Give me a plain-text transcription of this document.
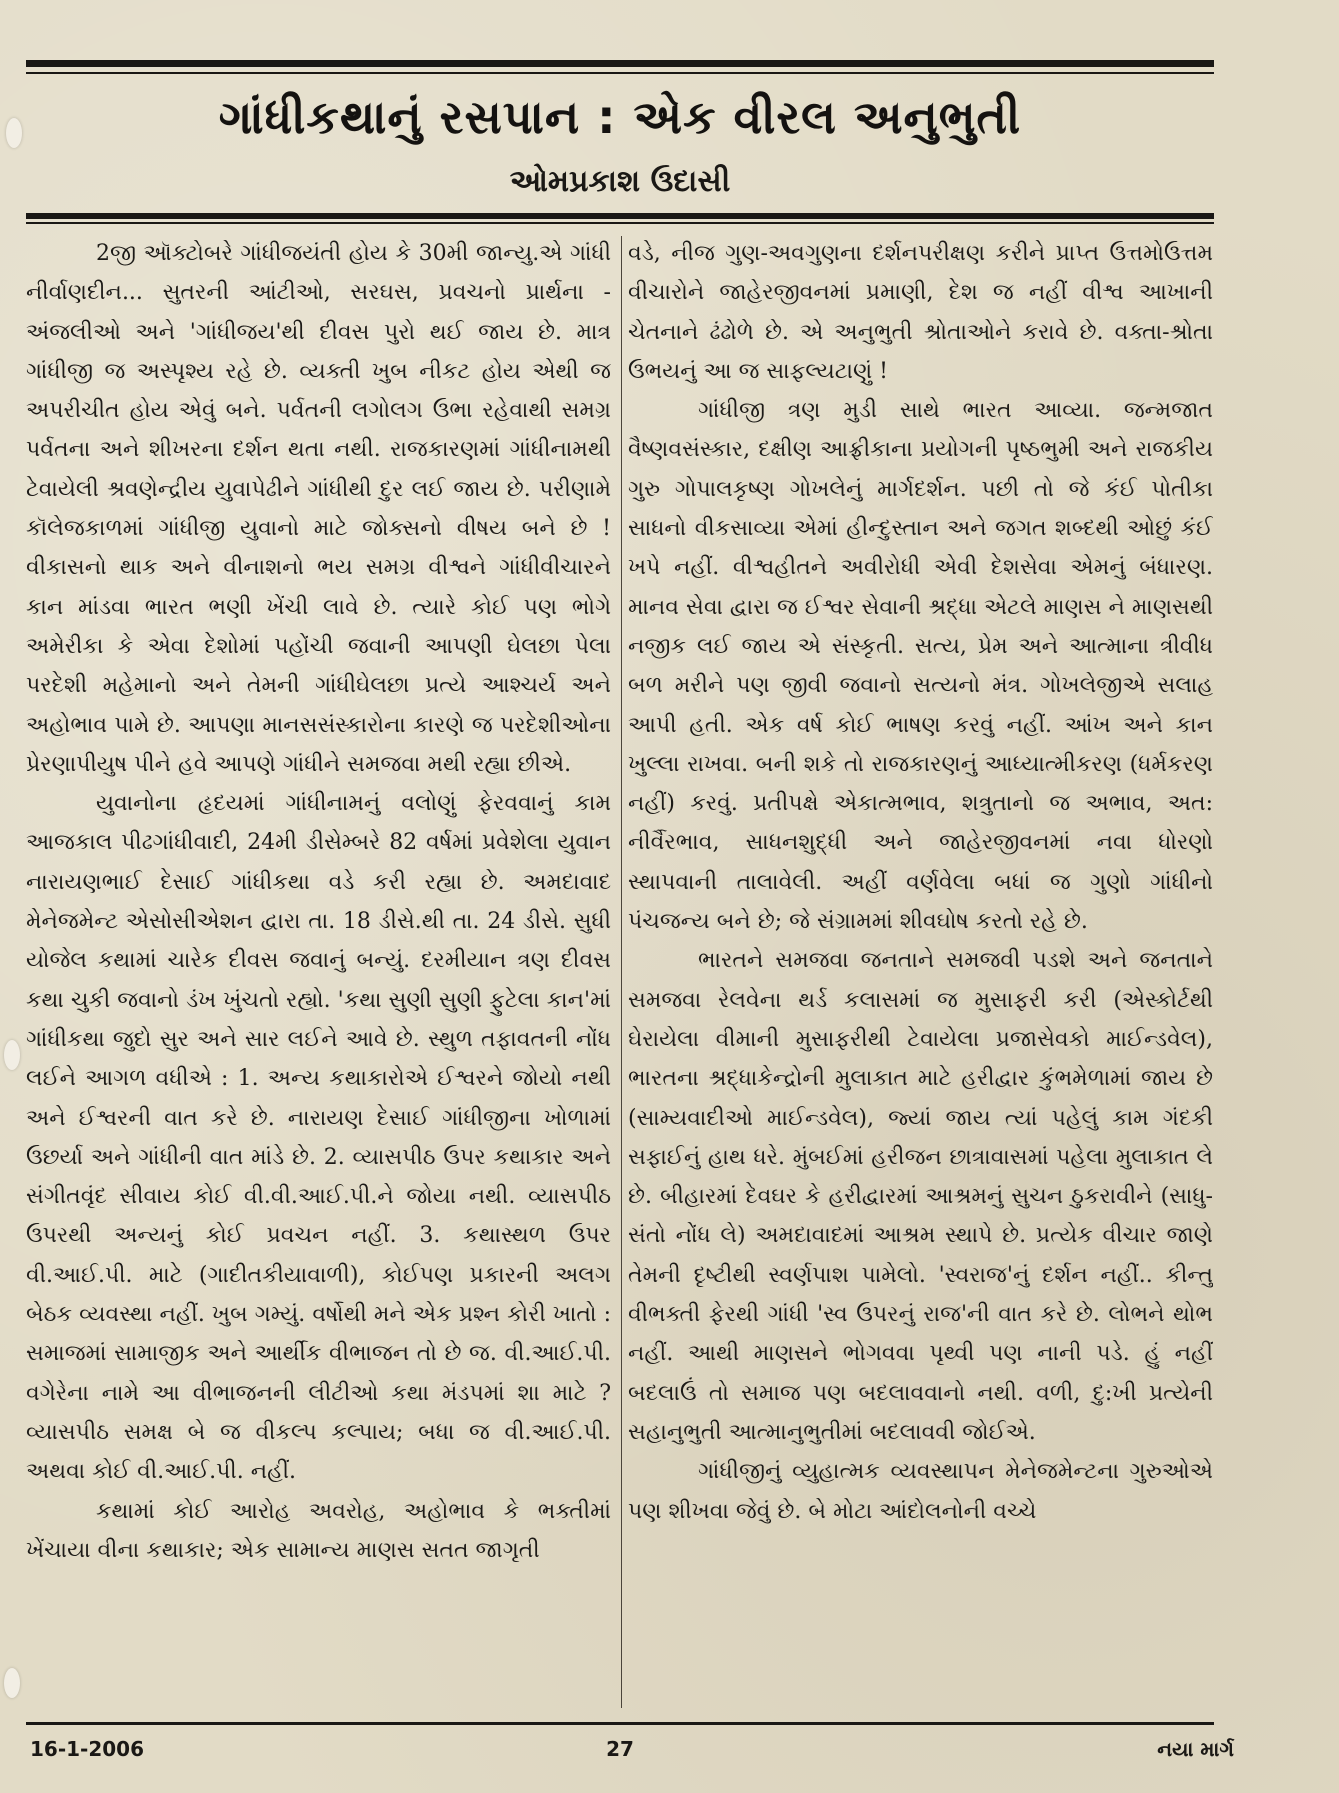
ગાંધીકથાનું રસપાન : એક વીરલ અનુભુતી
ઓમપ્રકાશ ઉદાસી

2જી ઑક્ટોબરે ગાંધીજયંતી હોય કે 30મી જાન્યુ.એ ગાંધી નીર્વાણદીન... સુતરની આંટીઓ, સરઘસ, પ્રવચનો પ્રાર્થના - અંજલીઓ અને 'ગાંધીજય'થી દીવસ પુરો થઈ જાય છે. માત્ર ગાંધીજી જ અસ્પૃશ્ય રહે છે. વ્યક્તી ખુબ નીકટ હોય એથી જ અપરીચીત હોય એવું બને. પર્વતની લગોલગ ઉભા રહેવાથી સમગ્ર પર્વતના અને શીખરના દર્શન થતા નથી. રાજકારણમાં ગાંધીનામથી ટેવાયેલી શ્રવણેન્દ્રીય યુવાપેઢીને ગાંધીથી દુર લઈ જાય છે. પરીણામે કૉલેજકાળમાં ગાંધીજી યુવાનો માટે જોક્સનો વીષય બને છે ! વીકાસનો થાક અને વીનાશનો ભય સમગ્ર વીશ્વને ગાંધીવીચારને કાન માંડવા ભારત ભણી ખેંચી લાવે છે. ત્યારે કોઈ પણ ભોગે અમેરીકા કે એવા દેશોમાં પહોંચી જવાની આપણી ઘેલછા પેલા પરદેશી મહેમાનો અને તેમની ગાંધીઘેલછા પ્રત્યે આશ્ચર્ય અને અહોભાવ પામે છે. આપણા માનસસંસ્કારોના કારણે જ પરદેશીઓના પ્રેરણાપીયુષ પીને હવે આપણે ગાંધીને સમજવા મથી રહ્યા છીએ.

યુવાનોના હૃદયમાં ગાંધીનામનું વલોણું ફેરવવાનું કામ આજકાલ પીઢગાંધીવાદી, 24મી ડીસેમ્બરે 82 વર્ષમાં પ્રવેશેલા યુવાન નારાયણભાઈ દેસાઈ ગાંધીકથા વડે કરી રહ્યા છે. અમદાવાદ મેનેજમેન્ટ એસોસીએશન દ્વારા તા. 18 ડીસે.થી તા. 24 ડીસે. સુધી યોજેલ કથામાં ચારેક દીવસ જવાનું બન્યું. દરમીયાન ત્રણ દીવસ કથા ચુકી જવાનો ડંખ ખુંચતો રહ્યો. 'કથા સુણી સુણી ફુટેલા કાન'માં ગાંધીકથા જુદો સુર અને સાર લઈને આવે છે. સ્થુળ તફાવતની નોંધ લઈને આગળ વધીએ : 1. અન્ય કથાકારોએ ઈશ્વરને જોયો નથી અને ઈશ્વરની વાત કરે છે. નારાયણ દેસાઈ ગાંધીજીના ખોળામાં ઉછર્યા અને ગાંધીની વાત માંડે છે. 2. વ્યાસપીઠ ઉપર કથાકાર અને સંગીતવૃંદ સીવાય કોઈ વી.વી.આઈ.પી.ને જોયા નથી. વ્યાસપીઠ ઉપરથી અન્યનું કોઈ પ્રવચન નહીં. 3. કથાસ્થળ ઉપર વી.આઈ.પી. માટે (ગાદીતકીયાવાળી), કોઈપણ પ્રકારની અલગ બેઠક વ્યવસ્થા નહીં. ખુબ ગમ્યું. વર્ષોથી મને એક પ્રશ્ન કોરી ખાતો : સમાજમાં સામાજીક અને આર્થીક વીભાજન તો છે જ. વી.આઈ.પી. વગેરેના નામે આ વીભાજનની લીટીઓ કથા મંડપમાં શા માટે ? વ્યાસપીઠ સમક્ષ બે જ વીકલ્પ કલ્પાય; બધા જ વી.આઈ.પી. અથવા કોઈ વી.આઈ.પી. નહીં.

કથામાં કોઈ આરોહ અવરોહ, અહોભાવ કે ભક્તીમાં ખેંચાયા વીના કથાકાર; એક સામાન્ય માણસ સતત જાગૃતી

વડે, નીજ ગુણ-અવગુણના દર્શનપરીક્ષણ કરીને પ્રાપ્ત ઉત્તમોઉત્તમ વીચારોને જાહેરજીવનમાં પ્રમાણી, દેશ જ નહીં વીશ્વ આખાની ચેતનાને ઢંઢોળે છે. એ અનુભુતી શ્રોતાઓને કરાવે છે. વક્તા-શ્રોતા ઉભયનું આ જ સાફલ્યટાણું !

ગાંધીજી ત્રણ મુડી સાથે ભારત આવ્યા. જન્મજાત વૈષ્ણવસંસ્કાર, દક્ષીણ આફ્રીકાના પ્રયોગની પૃષ્ઠભુમી અને રાજકીય ગુરુ ગોપાલકૃષ્ણ ગોખલેનું માર્ગદર્શન. પછી તો જે કંઈ પોતીકા સાધનો વીકસાવ્યા એમાં હીન્દુસ્તાન અને જગત શબ્દથી ઓછું કંઈ ખપે નહીં. વીશ્વહીતને અવીરોધી એવી દેશસેવા એમનું બંધારણ. માનવ સેવા દ્વારા જ ઈશ્વર સેવાની શ્રદ્ધા એટલે માણસ ને માણસથી નજીક લઈ જાય એ સંસ્કૃતી. સત્ય, પ્રેમ અને આત્માના ત્રીવીધ બળ મરીને પણ જીવી જવાનો સત્યનો મંત્ર. ગોખલેજીએ સલાહ આપી હતી. એક વર્ષ કોઈ ભાષણ કરવું નહીં. આંખ અને કાન ખુલ્લા રાખવા. બની શકે તો રાજકારણનું આધ્યાત્મીકરણ (ધર્મકરણ નહીં) કરવું. પ્રતીપક્ષે એકાત્મભાવ, શત્રુતાનો જ અભાવ, અત: નીર્વૈરભાવ, સાધનશુદ્ધી અને જાહેરજીવનમાં નવા ધોરણો સ્થાપવાની તાલાવેલી. અહીં વર્ણવેલા બધાં જ ગુણો ગાંધીનો પંચજન્ય બને છે; જે સંગ્રામમાં શીવઘોષ કરતો રહે છે.

ભારતને સમજવા જનતાને સમજવી પડશે અને જનતાને સમજવા રેલવેના થર્ડ કલાસમાં જ મુસાફરી કરી (એસ્કોર્ટથી ઘેરાયેલા વીમાની મુસાફરીથી ટેવાયેલા પ્રજાસેવકો માઈન્ડવેલ), ભારતના શ્રદ્ધાકેન્દ્રોની મુલાકાત માટે હરીદ્વાર કુંભમેળામાં જાય છે (સામ્યવાદીઓ માઈન્ડવેલ), જ્યાં જાય ત્યાં પહેલું કામ ગંદકી સફાઈનું હાથ ધરે. મુંબઈમાં હરીજન છાત્રાવાસમાં પહેલા મુલાકાત લે છે. બીહારમાં દેવઘર કે હરીદ્વારમાં આશ્રમનું સુચન ઠુકરાવીને (સાધુ-સંતો નોંધ લે) અમદાવાદમાં આશ્રમ સ્થાપે છે. પ્રત્યેક વીચાર જાણે તેમની દૃષ્ટીથી સ્વર્ણપાશ પામેલો. 'સ્વરાજ'નું દર્શન નહીં.. કીન્તુ વીભક્તી ફેરથી ગાંધી 'સ્વ ઉપરનું રાજ'ની વાત કરે છે. લોભને થોભ નહીં. આથી માણસને ભોગવવા પૃથ્વી પણ નાની પડે. હું નહીં બદલાઉં તો સમાજ પણ બદલાવવાનો નથી. વળી, દુ:ખી પ્રત્યેની સહાનુભુતી આત્માનુભુતીમાં બદલાવવી જોઈએ.

ગાંધીજીનું વ્યુહાત્મક વ્યવસ્થાપન મેનેજમેન્ટના ગુરુઓએ પણ શીખવા જેવું છે. બે મોટા આંદોલનોની વચ્ચે

16-1-2006	27	નયા માર્ગ
